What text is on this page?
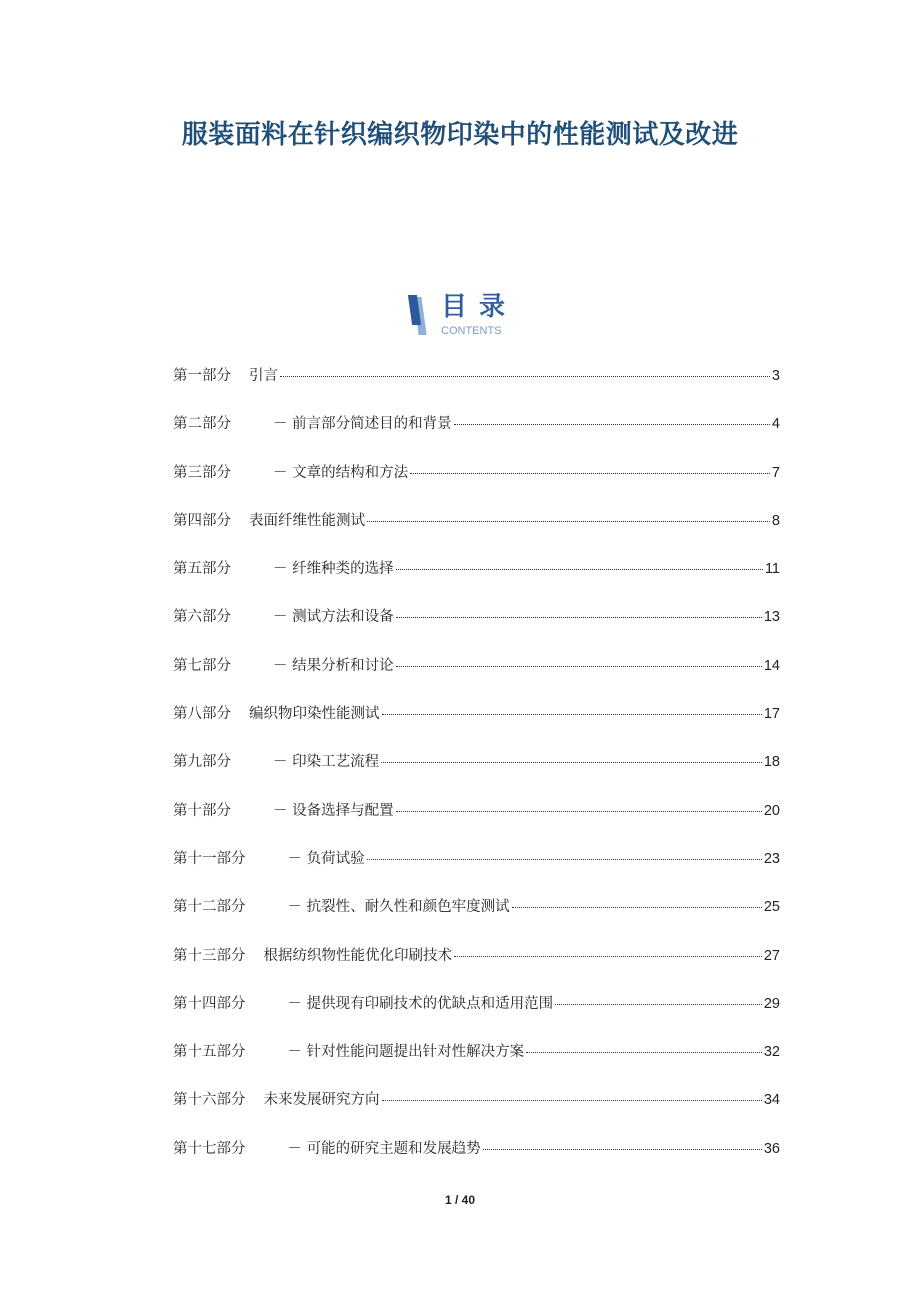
服装面料在针织编织物印染中的性能测试及改进
目录
CONTENTS
第一部分 引言	3
第二部分	－ 前言部分简述目的和背景	4
第三部分	－ 文章的结构和方法	7
第四部分 表面纤维性能测试	8
第五部分	－ 纤维种类的选择	11
第六部分	－ 测试方法和设备	13
第七部分	－ 结果分析和讨论	14
第八部分 编织物印染性能测试	17
第九部分	－ 印染工艺流程	18
第十部分	－ 设备选择与配置	20
第十一部分	－ 负荷试验	23
第十二部分	－ 抗裂性、耐久性和颜色牢度测试	25
第十三部分 根据纺织物性能优化印刷技术	27
第十四部分	－ 提供现有印刷技术的优缺点和适用范围	29
第十五部分	－ 针对性能问题提出针对性解决方案	32
第十六部分 未来发展研究方向	34
第十七部分	－ 可能的研究主题和发展趋势	36
1 / 40
